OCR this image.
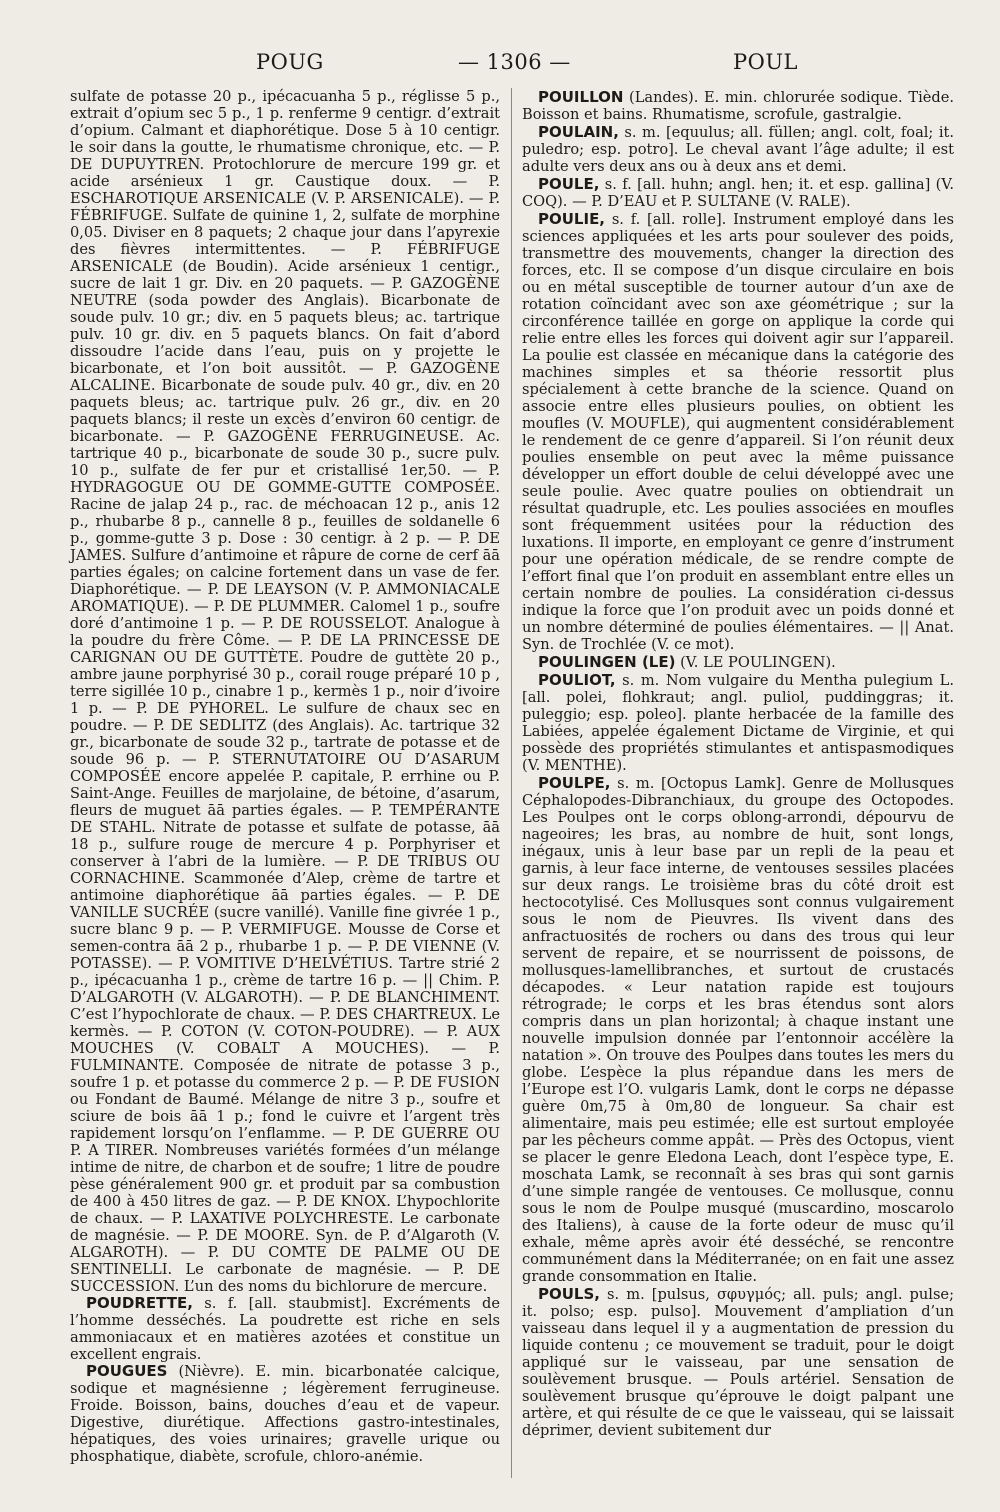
POUG	— 1306 —	POUL

sulfate de potasse 20 p., ipécacuanha 5 p., réglisse 5 p., extrait d’opium sec 5 p., 1 p. renferme 9 centigr. d’extrait d’opium. Calmant et diaphorétique. Dose 5 à 10 centigr. le soir dans la goutte, le rhumatisme chronique, etc. — P. DE DUPUYTREN. Protochlorure de mercure 199 gr. et acide arsénieux 1 gr. Caustique doux. — P. ESCHAROTIQUE ARSENICALE (V. P. ARSENICALE). — P. FÉBRIFUGE. Sulfate de quinine 1, 2, sulfate de morphine 0,05. Diviser en 8 paquets; 2 chaque jour dans l’apyrexie des fièvres intermittentes. — P. FÉBRIFUGE ARSENICALE (de Boudin). Acide arsénieux 1 centigr., sucre de lait 1 gr. Div. en 20 paquets. — P. GAZOGÈNE NEUTRE (soda powder des Anglais). Bicarbonate de soude pulv. 10 gr.; div. en 5 paquets bleus; ac. tartrique pulv. 10 gr. div. en 5 paquets blancs. On fait d’abord dissoudre l’acide dans l’eau, puis on y projette le bicarbonate, et l’on boit aussitôt. — P. GAZOGÈNE ALCALINE. Bicarbonate de soude pulv. 40 gr., div. en 20 paquets bleus; ac. tartrique pulv. 26 gr., div. en 20 paquets blancs; il reste un excès d’environ 60 centigr. de bicarbonate. — P. GAZOGÈNE FERRUGINEUSE. Ac. tartrique 40 p., bicarbonate de soude 30 p., sucre pulv. 10 p., sulfate de fer pur et cristallisé 1er,50. — P. HYDRAGOGUE OU DE GOMME-GUTTE COMPOSÉE. Racine de jalap 24 p., rac. de méchoacan 12 p., anis 12 p., rhubarbe 8 p., cannelle 8 p., feuilles de soldanelle 6 p., gomme-gutte 3 p. Dose : 30 centigr. à 2 p. — P. DE JAMES. Sulfure d’antimoine et râpure de corne de cerf āā parties égales; on calcine fortement dans un vase de fer. Diaphorétique. — P. DE LEAYSON (V. P. AMMONIACALE AROMATIQUE). — P. DE PLUMMER. Calomel 1 p., soufre doré d’antimoine 1 p. — P. DE ROUSSELOT. Analogue à la poudre du frère Côme. — P. DE LA PRINCESSE DE CARIGNAN OU DE GUTTÈTE. Poudre de guttète 20 p., ambre jaune porphyrisé 30 p., corail rouge préparé 10 p , terre sigillée 10 p., cinabre 1 p., kermès 1 p., noir d’ivoire 1 p. — P. DE PYHOREL. Le sulfure de chaux sec en poudre. — P. DE SEDLITZ (des Anglais). Ac. tartrique 32 gr., bicarbonate de soude 32 p., tartrate de potasse et de soude 96 p. — P. STERNUTATOIRE OU D’ASARUM COMPOSÉE encore appelée P. capitale, P. errhine ou P. Saint-Ange. Feuilles de marjolaine, de bétoine, d’asarum, fleurs de muguet āā parties égales. — P. TEMPÉRANTE DE STAHL. Nitrate de potasse et sulfate de potasse, āā 18 p., sulfure rouge de mercure 4 p. Porphyriser et conserver à l’abri de la lumière. — P. DE TRIBUS OU CORNACHINE. Scammonée d’Alep, crème de tartre et antimoine diaphorétique āā parties égales. — P. DE VANILLE SUCRÉE (sucre vanillé). Vanille fine givrée 1 p., sucre blanc 9 p. — P. VERMIFUGE. Mousse de Corse et semen-contra āā 2 p., rhubarbe 1 p. — P. DE VIENNE (V. POTASSE). — P. VOMITIVE D’HELVÉTIUS. Tartre strié 2 p., ipécacuanha 1 p., crème de tartre 16 p. — || Chim. P. D’ALGAROTH (V. ALGAROTH). — P. DE BLANCHIMENT. C’est l’hypochlorate de chaux. — P. DES CHARTREUX. Le kermès. — P. COTON (V. COTON-POUDRE). — P. AUX MOUCHES (V. COBALT A MOUCHES). — P. FULMINANTE. Composée de nitrate de potasse 3 p., soufre 1 p. et potasse du commerce 2 p. — P. DE FUSION ou Fondant de Baumé. Mélange de nitre 3 p., soufre et sciure de bois āā 1 p.; fond le cuivre et l’argent très rapidement lorsqu’on l’enflamme. — P. DE GUERRE OU P. A TIRER. Nombreuses variétés formées d’un mélange intime de nitre, de charbon et de soufre; 1 litre de poudre pèse généralement 900 gr. et produit par sa combustion de 400 à 450 litres de gaz. — P. DE KNOX. L’hypochlorite de chaux. — P. LAXATIVE POLYCHRESTE. Le carbonate de magnésie. — P. DE MOORE. Syn. de P. d’Algaroth (V. ALGAROTH). — P. DU COMTE DE PALME OU DE SENTINELLI. Le carbonate de magnésie. — P. DE SUCCESSION. L’un des noms du bichlorure de mercure.

POUDRETTE, s. f. [all. staubmist]. Excréments de l’homme desséchés. La poudrette est riche en sels ammoniacaux et en matières azotées et constitue un excellent engrais.

POUGUES (Nièvre). E. min. bicarbonatée calcique, sodique et magnésienne ; légèrement ferrugineuse. Froide. Boisson, bains, douches d’eau et de vapeur. Digestive, diurétique. Affections gastro-intestinales, hépatiques, des voies urinaires; gravelle urique ou phosphatique, diabète, scrofule, chloro-anémie.

POUILLON (Landes). E. min. chlorurée sodique. Tiède. Boisson et bains. Rhumatisme, scrofule, gastralgie.

POULAIN, s. m. [equulus; all. füllen; angl. colt, foal; it. puledro; esp. potro]. Le cheval avant l’âge adulte; il est adulte vers deux ans ou à deux ans et demi.

POULE, s. f. [all. huhn; angl. hen; it. et esp. gallina] (V. COQ). — P. D’EAU et P. SULTANE (V. RALE).

POULIE, s. f. [all. rolle]. Instrument employé dans les sciences appliquées et les arts pour soulever des poids, transmettre des mouvements, changer la direction des forces, etc. Il se compose d’un disque circulaire en bois ou en métal susceptible de tourner autour d’un axe de rotation coïncidant avec son axe géométrique ; sur la circonférence taillée en gorge on applique la corde qui relie entre elles les forces qui doivent agir sur l’appareil. La poulie est classée en mécanique dans la catégorie des machines simples et sa théorie ressortit plus spécialement à cette branche de la science. Quand on associe entre elles plusieurs poulies, on obtient les moufles (V. MOUFLE), qui augmentent considérablement le rendement de ce genre d’appareil. Si l’on réunit deux poulies ensemble on peut avec la même puissance développer un effort double de celui développé avec une seule poulie. Avec quatre poulies on obtiendrait un résultat quadruple, etc. Les poulies associées en moufles sont fréquemment usitées pour la réduction des luxations. Il importe, en employant ce genre d’instrument pour une opération médicale, de se rendre compte de l’effort final que l’on produit en assemblant entre elles un certain nombre de poulies. La considération ci-dessus indique la force que l’on produit avec un poids donné et un nombre déterminé de poulies élémentaires. — || Anat. Syn. de Trochlée (V. ce mot).

POULINGEN (LE) (V. LE POULINGEN).

POULIOT, s. m. Nom vulgaire du Mentha pulegium L. [all. polei, flohkraut; angl. puliol, puddinggras; it. puleggio; esp. poleo]. plante herbacée de la famille des Labiées, appelée également Dictame de Virginie, et qui possède des propriétés stimulantes et antispasmodiques (V. MENTHE).

POULPE, s. m. [Octopus Lamk]. Genre de Mollusques Céphalopodes-Dibranchiaux, du groupe des Octopodes. Les Poulpes ont le corps oblong-arrondi, dépourvu de nageoires; les bras, au nombre de huit, sont longs, inégaux, unis à leur base par un repli de la peau et garnis, à leur face interne, de ventouses sessiles placées sur deux rangs. Le troisième bras du côté droit est hectocotylisé. Ces Mollusques sont connus vulgairement sous le nom de Pieuvres. Ils vivent dans des anfractuosités de rochers ou dans des trous qui leur servent de repaire, et se nourrissent de poissons, de mollusques-lamellibranches, et surtout de crustacés décapodes. « Leur natation rapide est toujours rétrograde; le corps et les bras étendus sont alors compris dans un plan horizontal; à chaque instant une nouvelle impulsion donnée par l’entonnoir accélère la natation ». On trouve des Poulpes dans toutes les mers du globe. L’espèce la plus répandue dans les mers de l’Europe est l’O. vulgaris Lamk, dont le corps ne dépasse guère 0m,75 à 0m,80 de longueur. Sa chair est alimentaire, mais peu estimée; elle est surtout employée par les pêcheurs comme appât. — Près des Octopus, vient se placer le genre Eledona Leach, dont l’espèce type, E. moschata Lamk, se reconnaît à ses bras qui sont garnis d’une simple rangée de ventouses. Ce mollusque, connu sous le nom de Poulpe musqué (muscardino, moscarolo des Italiens), à cause de la forte odeur de musc qu’il exhale, même après avoir été desséché, se rencontre communément dans la Méditerranée; on en fait une assez grande consommation en Italie.

POULS, s. m. [pulsus, σφυγμός; all. puls; angl. pulse; it. polso; esp. pulso]. Mouvement d’ampliation d’un vaisseau dans lequel il y a augmentation de pression du liquide contenu ; ce mouvement se traduit, pour le doigt appliqué sur le vaisseau, par une sensation de soulèvement brusque. — Pouls artériel. Sensation de soulèvement brusque qu’éprouve le doigt palpant une artère, et qui résulte de ce que le vaisseau, qui se laissait déprimer, devient subitement dur
